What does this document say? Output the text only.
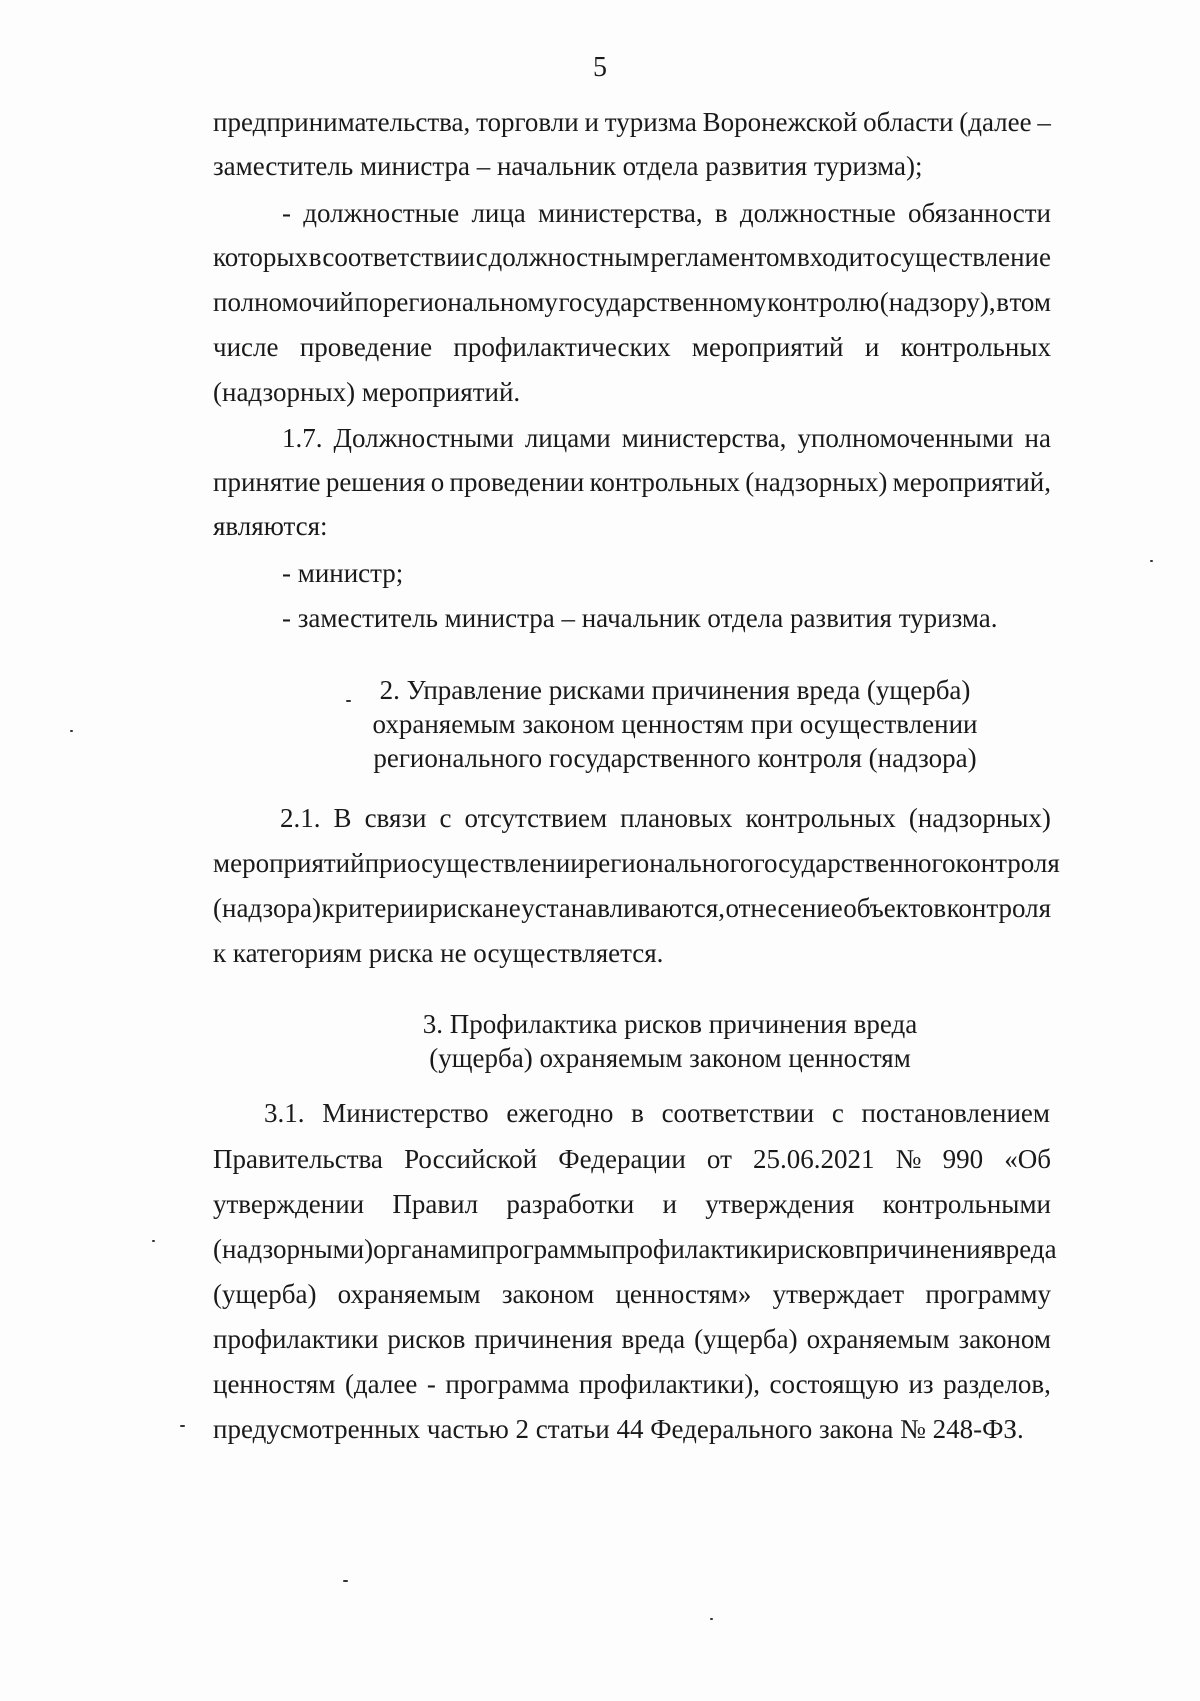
5
предпринимательства, торговли и туризма Воронежской области (далее –
заместитель министра – начальник отдела развития туризма);
- должностные лица министерства, в должностные обязанности
которых в соответствии с должностным регламентом входит осуществление
полномочий по региональному государственному контролю (надзору), в том
числе проведение профилактических мероприятий и контрольных
(надзорных) мероприятий.
1.7. Должностными лицами министерства, уполномоченными на
принятие решения о проведении контрольных (надзорных) мероприятий,
являются:
- министр;
- заместитель министра – начальник отдела развития туризма.
2. Управление рисками причинения вреда (ущерба)
охраняемым законом ценностям при осуществлении
регионального государственного контроля (надзора)
2.1. В связи с отсутствием плановых контрольных (надзорных)
мероприятий при осуществлении регионального государственного контроля
(надзора) критерии риска не устанавливаются, отнесение объектов контроля
к категориям риска не осуществляется.
3. Профилактика рисков причинения вреда
(ущерба) охраняемым законом ценностям
3.1. Министерство ежегодно в соответствии с постановлением
Правительства Российской Федерации от 25.06.2021 № 990 «Об
утверждении Правил разработки и утверждения контрольными
(надзорными) органами программы профилактики рисков причинения вреда
(ущерба) охраняемым законом ценностям» утверждает программу
профилактики рисков причинения вреда (ущерба) охраняемым законом
ценностям (далее - программа профилактики), состоящую из разделов,
предусмотренных частью 2 статьи 44 Федерального закона № 248-ФЗ.
